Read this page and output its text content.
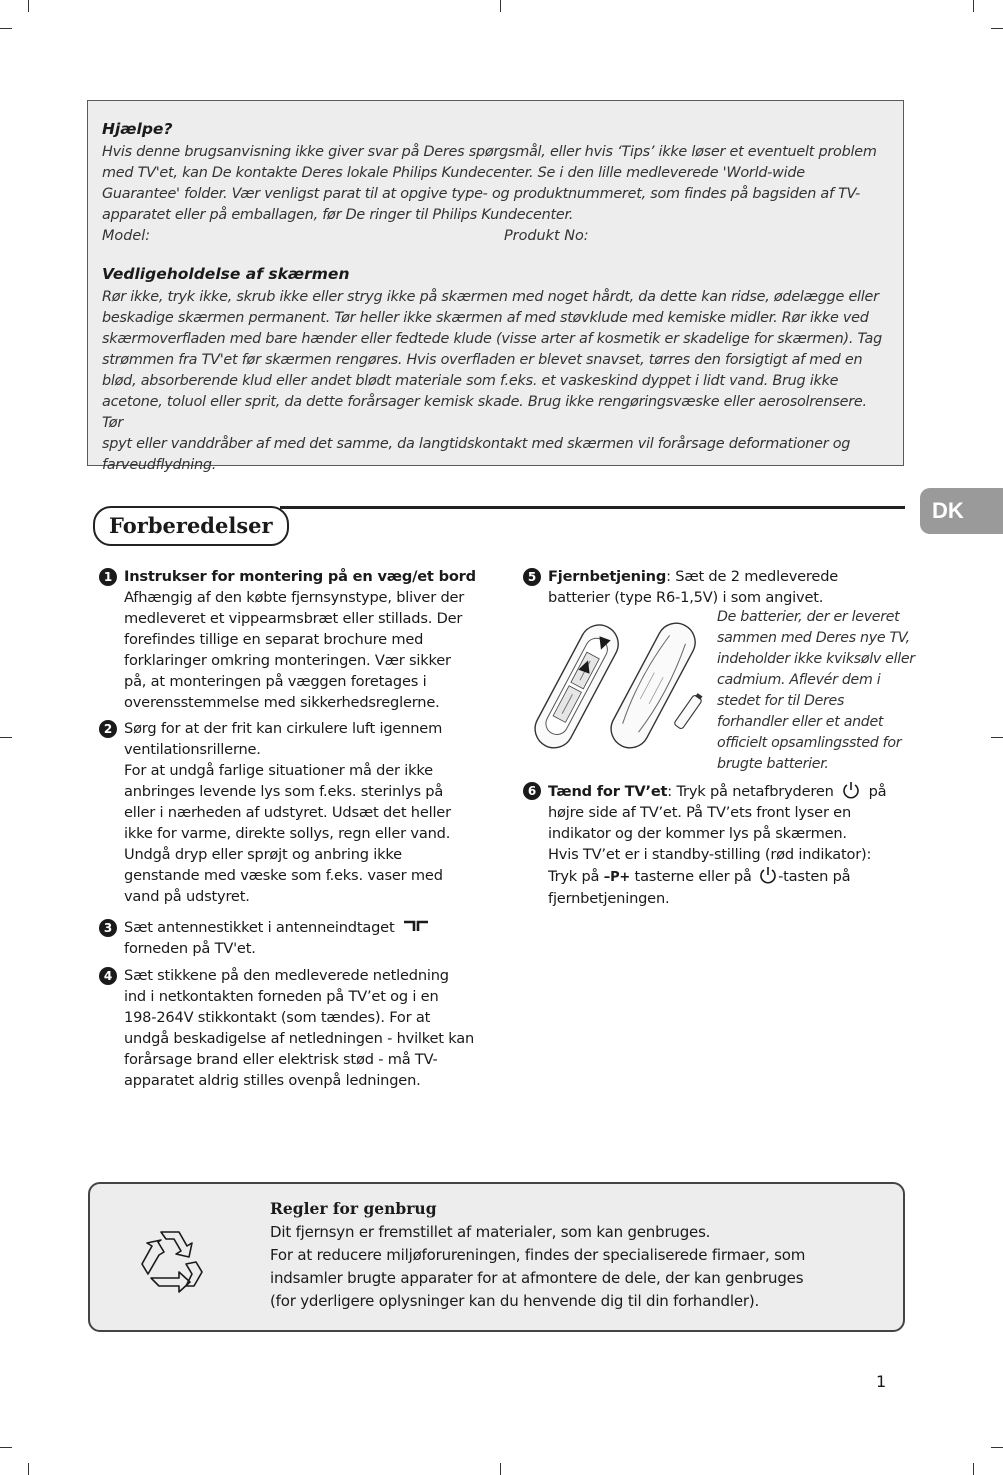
Hjælpe?
Hvis denne brugsanvisning ikke giver svar på Deres spørgsmål, eller hvis ‘Tips’ ikke løser et eventuelt problem
med TV'et, kan De kontakte Deres lokale Philips Kundecenter. Se i den lille medleverede 'World-wide
Guarantee' folder. Vær venligst parat til at opgive type- og produktnummeret, som findes på bagsiden af TV-
apparatet eller på emballagen, før De ringer til Philips Kundecenter.
Model:	Produkt No:
Vedligeholdelse af skærmen
Rør ikke, tryk ikke, skrub ikke eller stryg ikke på skærmen med noget hårdt, da dette kan ridse, ødelægge eller
beskadige skærmen permanent. Tør heller ikke skærmen af med støvklude med kemiske midler. Rør ikke ved
skærmoverfladen med bare hænder eller fedtede klude (visse arter af kosmetik er skadelige for skærmen). Tag
strømmen fra TV'et før skærmen rengøres. Hvis overfladen er blevet snavset, tørres den forsigtigt af med en
blød, absorberende klud eller andet blødt materiale som f.eks. et vaskeskind dyppet i lidt vand. Brug ikke
acetone, toluol eller sprit, da dette forårsager kemisk skade. Brug ikke rengøringsvæske eller aerosolrensere. Tør
spyt eller vanddråber af med det samme, da langtidskontakt med skærmen vil forårsage deformationer og
farveudflydning.
DK
Forberedelser
1 Instrukser for montering på en væg/et bord
Afhængig af den købte fjernsynstype, bliver der
medleveret et vippearmsbræt eller stillads. Der
forefindes tillige en separat brochure med
forklaringer omkring monteringen. Vær sikker
på, at monteringen på væggen foretages i
overensstemmelse med sikkerhedsreglerne.
2 Sørg for at der frit kan cirkulere luft igennem
ventilationsrillerne.
For at undgå farlige situationer må der ikke
anbringes levende lys som f.eks. sterinlys på
eller i nærheden af udstyret. Udsæt det heller
ikke for varme, direkte sollys, regn eller vand.
Undgå dryp eller sprøjt og anbring ikke
genstande med væske som f.eks. vaser med
vand på udstyret.
3 Sæt antennestikket i antenneindtaget
forneden på TV'et.
4 Sæt stikkene på den medleverede netledning
ind i netkontakten forneden på TV’et og i en
198-264V stikkontakt (som tændes). For at
undgå beskadigelse af netledningen - hvilket kan
forårsage brand eller elektrisk stød - må TV-
apparatet aldrig stilles ovenpå ledningen.
5 Fjernbetjening: Sæt de 2 medleverede
batterier (type R6-1,5V) i som angivet.
De batterier, der er leveret
sammen med Deres nye TV,
indeholder ikke kviksølv eller
cadmium. Aflevér dem i
stedet for til Deres
forhandler eller et andet
officielt opsamlingssted for
brugte batterier.
6 Tænd for TV’et: Tryk på netafbryderen på
højre side af TV’et. På TV’ets front lyser en
indikator og der kommer lys på skærmen.
Hvis TV’et er i standby-stilling (rød indikator):
Tryk på –P+ tasterne eller på -tasten på
fjernbetjeningen.
Regler for genbrug
Dit fjernsyn er fremstillet af materialer, som kan genbruges.
For at reducere miljøforureningen, findes der specialiserede firmaer, som
indsamler brugte apparater for at afmontere de dele, der kan genbruges
(for yderligere oplysninger kan du henvende dig til din forhandler).
1
